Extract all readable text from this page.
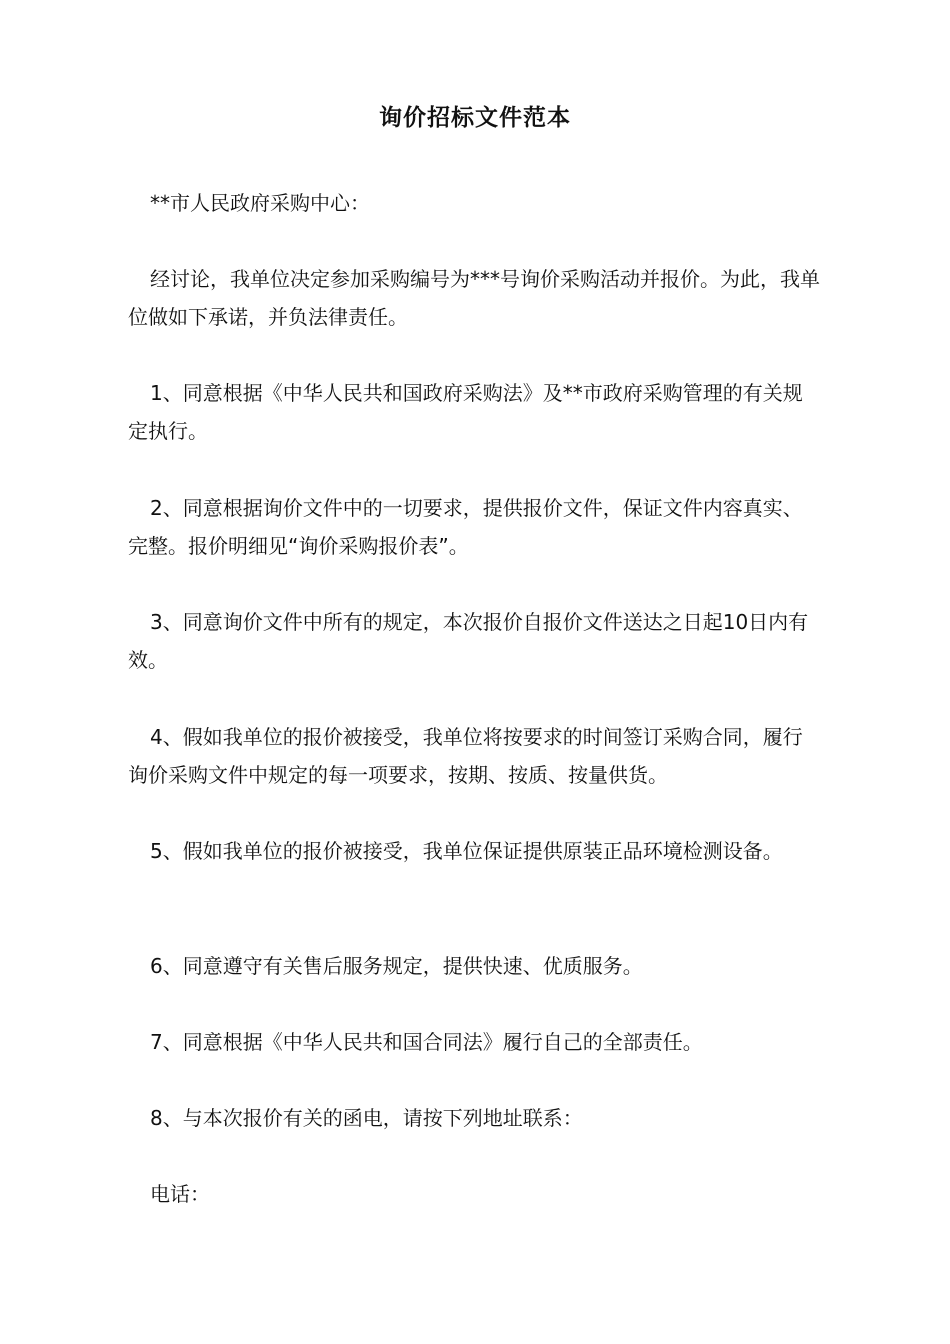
询价招标文件范本

**市人民政府采购中心：

经讨论，我单位决定参加采购编号为***号询价采购活动并报价。为此，我单位做如下承诺，并负法律责任。

1、同意根据《中华人民共和国政府采购法》及**市政府采购管理的有关规定执行。

2、同意根据询价文件中的一切要求，提供报价文件，保证文件内容真实、完整。报价明细见“询价采购报价表”。

3、同意询价文件中所有的规定，本次报价自报价文件送达之日起10日内有效。

4、假如我单位的报价被接受，我单位将按要求的时间签订采购合同，履行询价采购文件中规定的每一项要求，按期、按质、按量供货。

5、假如我单位的报价被接受，我单位保证提供原装正品环境检测设备。

6、同意遵守有关售后服务规定，提供快速、优质服务。

7、同意根据《中华人民共和国合同法》履行自己的全部责任。

8、与本次报价有关的函电，请按下列地址联系：

电话：
